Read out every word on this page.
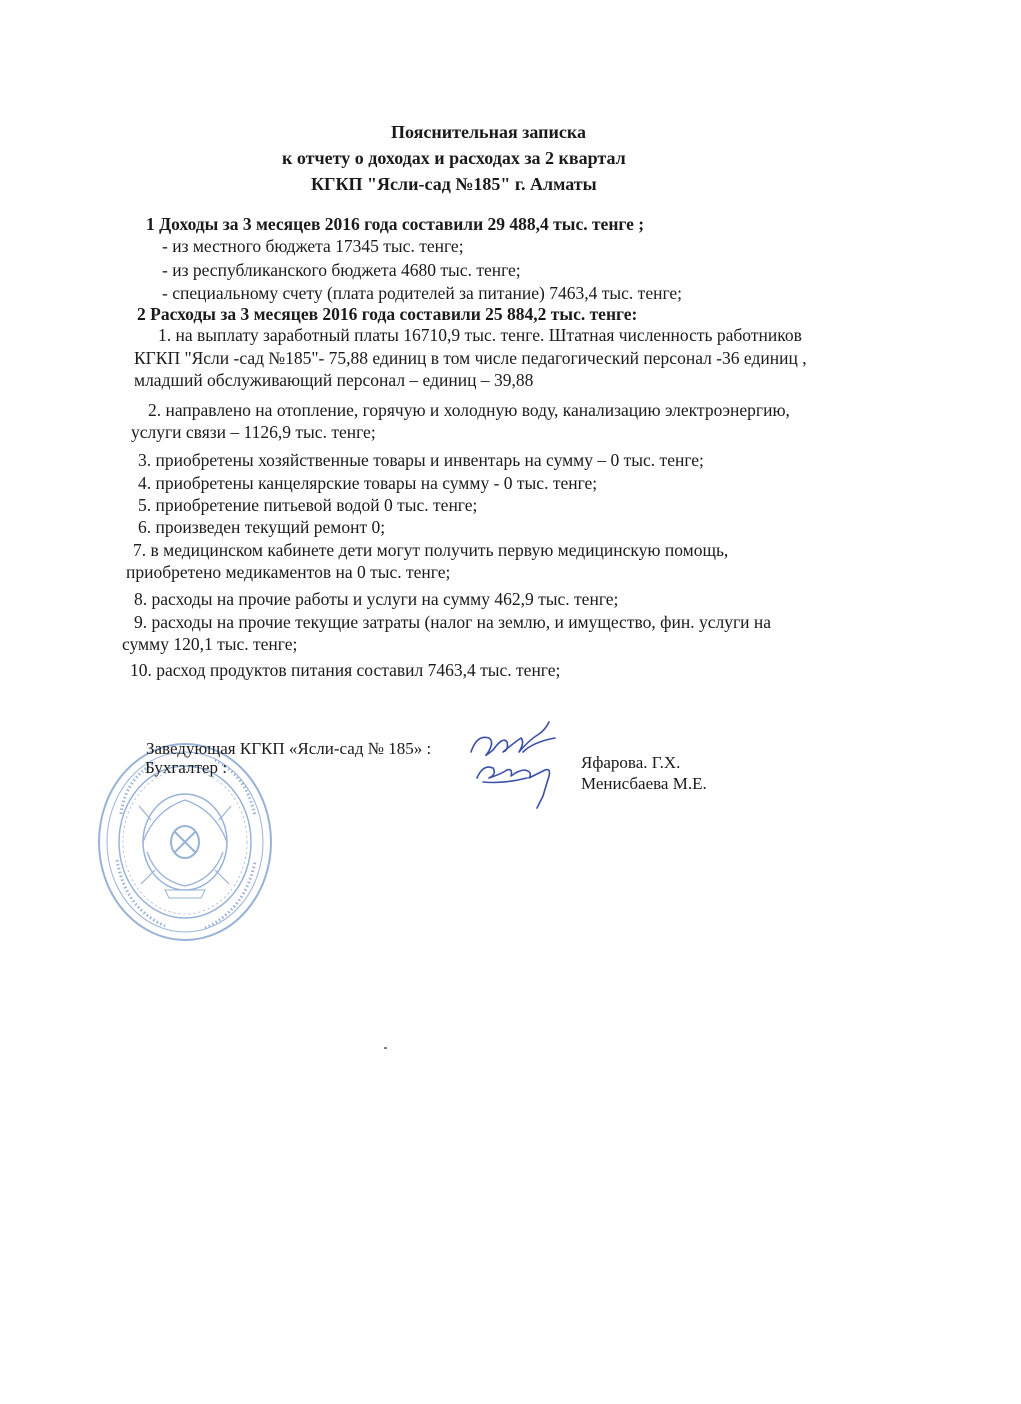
Пояснительная записка
к отчету о доходах и расходах за 2 квартал
КГКП "Ясли-сад №185" г. Алматы
1 Доходы за 3 месяцев 2016 года составили 29 488,4 тыс. тенге ;
- из местного бюджета 17345 тыс. тенге;
- из республиканского бюджета 4680 тыс. тенге;
- специальному счету (плата родителей за питание) 7463,4 тыс. тенге;
2 Расходы за 3 месяцев 2016 года составили 25 884,2 тыс. тенге:
1. на выплату заработный платы 16710,9 тыс. тенге. Штатная численность работников
КГКП "Ясли -сад №185"- 75,88 единиц в том числе педагогический персонал -36 единиц ,
младший обслуживающий персонал – единиц – 39,88
2. направлено на отопление, горячую и холодную воду, канализацию электроэнергию,
услуги связи – 1126,9 тыс. тенге;
3. приобретены хозяйственные товары и инвентарь на сумму – 0 тыс. тенге;
4. приобретены канцелярские товары на сумму - 0 тыс. тенге;
5. приобретение питьевой водой 0 тыс. тенге;
6. произведен текущий ремонт 0;
7. в медицинском кабинете дети могут получить первую медицинскую помощь,
приобретено медикаментов на 0 тыс. тенге;
8. расходы на прочие работы и услуги на сумму 462,9 тыс. тенге;
9. расходы на прочие текущие затраты (налог на землю, и имущество, фин. услуги на
сумму 120,1 тыс. тенге;
10. расход продуктов питания составил 7463,4 тыс. тенге;
Заведующая КГКП «Ясли-сад № 185» :
Бухгалтер :	Яфарова. Г.Х.
Менисбаева М.Е.
